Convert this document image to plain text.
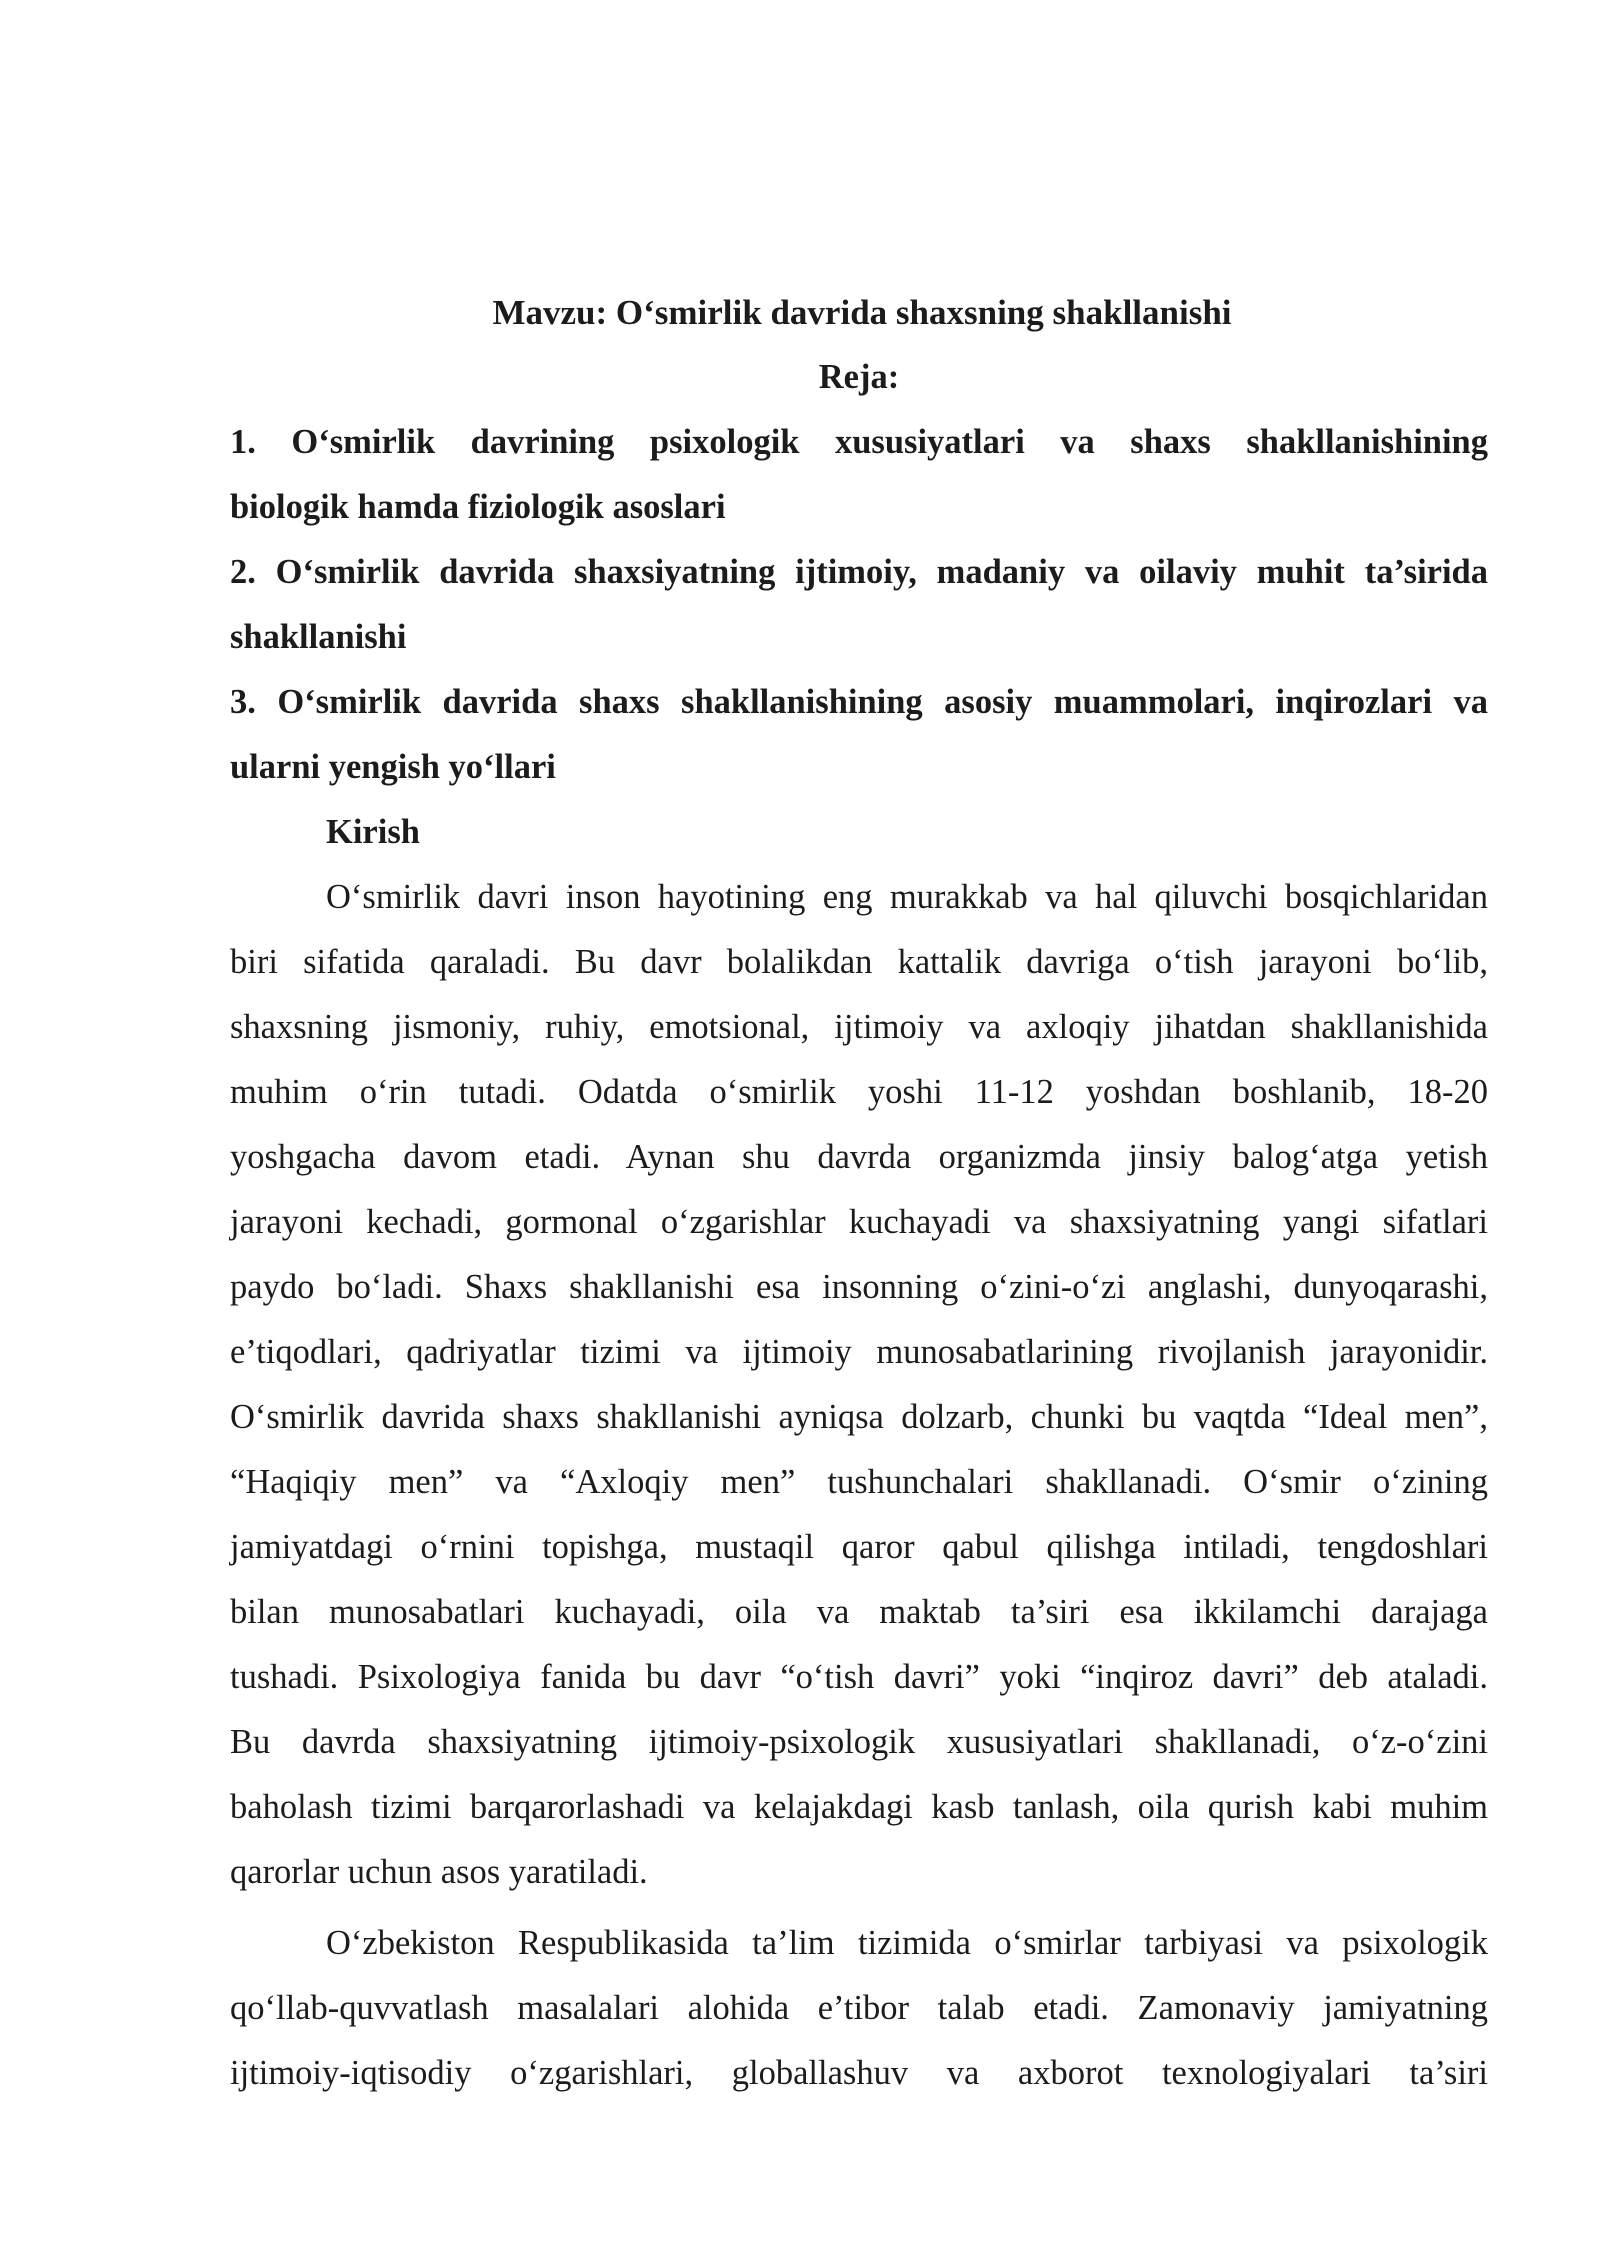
Mavzu: O‘smirlik davrida shaxsning shakllanishi
Reja:
1. O‘smirlik davrining psixologik xususiyatlari va shaxs shakllanishining
biologik hamda fiziologik asoslari
2. O‘smirlik davrida shaxsiyatning ijtimoiy, madaniy va oilaviy muhit ta’sirida
shakllanishi
3. O‘smirlik davrida shaxs shakllanishining asosiy muammolari, inqirozlari va
ularni yengish yo‘llari
Kirish
O‘smirlik davri inson hayotining eng murakkab va hal qiluvchi bosqichlaridan
biri sifatida qaraladi. Bu davr bolalikdan kattalik davriga o‘tish jarayoni bo‘lib,
shaxsning jismoniy, ruhiy, emotsional, ijtimoiy va axloqiy jihatdan shakllanishida
muhim o‘rin tutadi. Odatda o‘smirlik yoshi 11-12 yoshdan boshlanib, 18-20
yoshgacha davom etadi. Aynan shu davrda organizmda jinsiy balog‘atga yetish
jarayoni kechadi, gormonal o‘zgarishlar kuchayadi va shaxsiyatning yangi sifatlari
paydo bo‘ladi. Shaxs shakllanishi esa insonning o‘zini-o‘zi anglashi, dunyoqarashi,
e’tiqodlari, qadriyatlar tizimi va ijtimoiy munosabatlarining rivojlanish jarayonidir.
O‘smirlik davrida shaxs shakllanishi ayniqsa dolzarb, chunki bu vaqtda “Ideal men”,
“Haqiqiy men” va “Axloqiy men” tushunchalari shakllanadi. O‘smir o‘zining
jamiyatdagi o‘rnini topishga, mustaqil qaror qabul qilishga intiladi, tengdoshlari
bilan munosabatlari kuchayadi, oila va maktab ta’siri esa ikkilamchi darajaga
tushadi. Psixologiya fanida bu davr “o‘tish davri” yoki “inqiroz davri” deb ataladi.
Bu davrda shaxsiyatning ijtimoiy-psixologik xususiyatlari shakllanadi, o‘z-o‘zini
baholash tizimi barqarorlashadi va kelajakdagi kasb tanlash, oila qurish kabi muhim
qarorlar uchun asos yaratiladi.
O‘zbekiston Respublikasida ta’lim tizimida o‘smirlar tarbiyasi va psixologik
qo‘llab-quvvatlash masalalari alohida e’tibor talab etadi. Zamonaviy jamiyatning
ijtimoiy-iqtisodiy o‘zgarishlari, globallashuv va axborot texnologiyalari ta’siri
